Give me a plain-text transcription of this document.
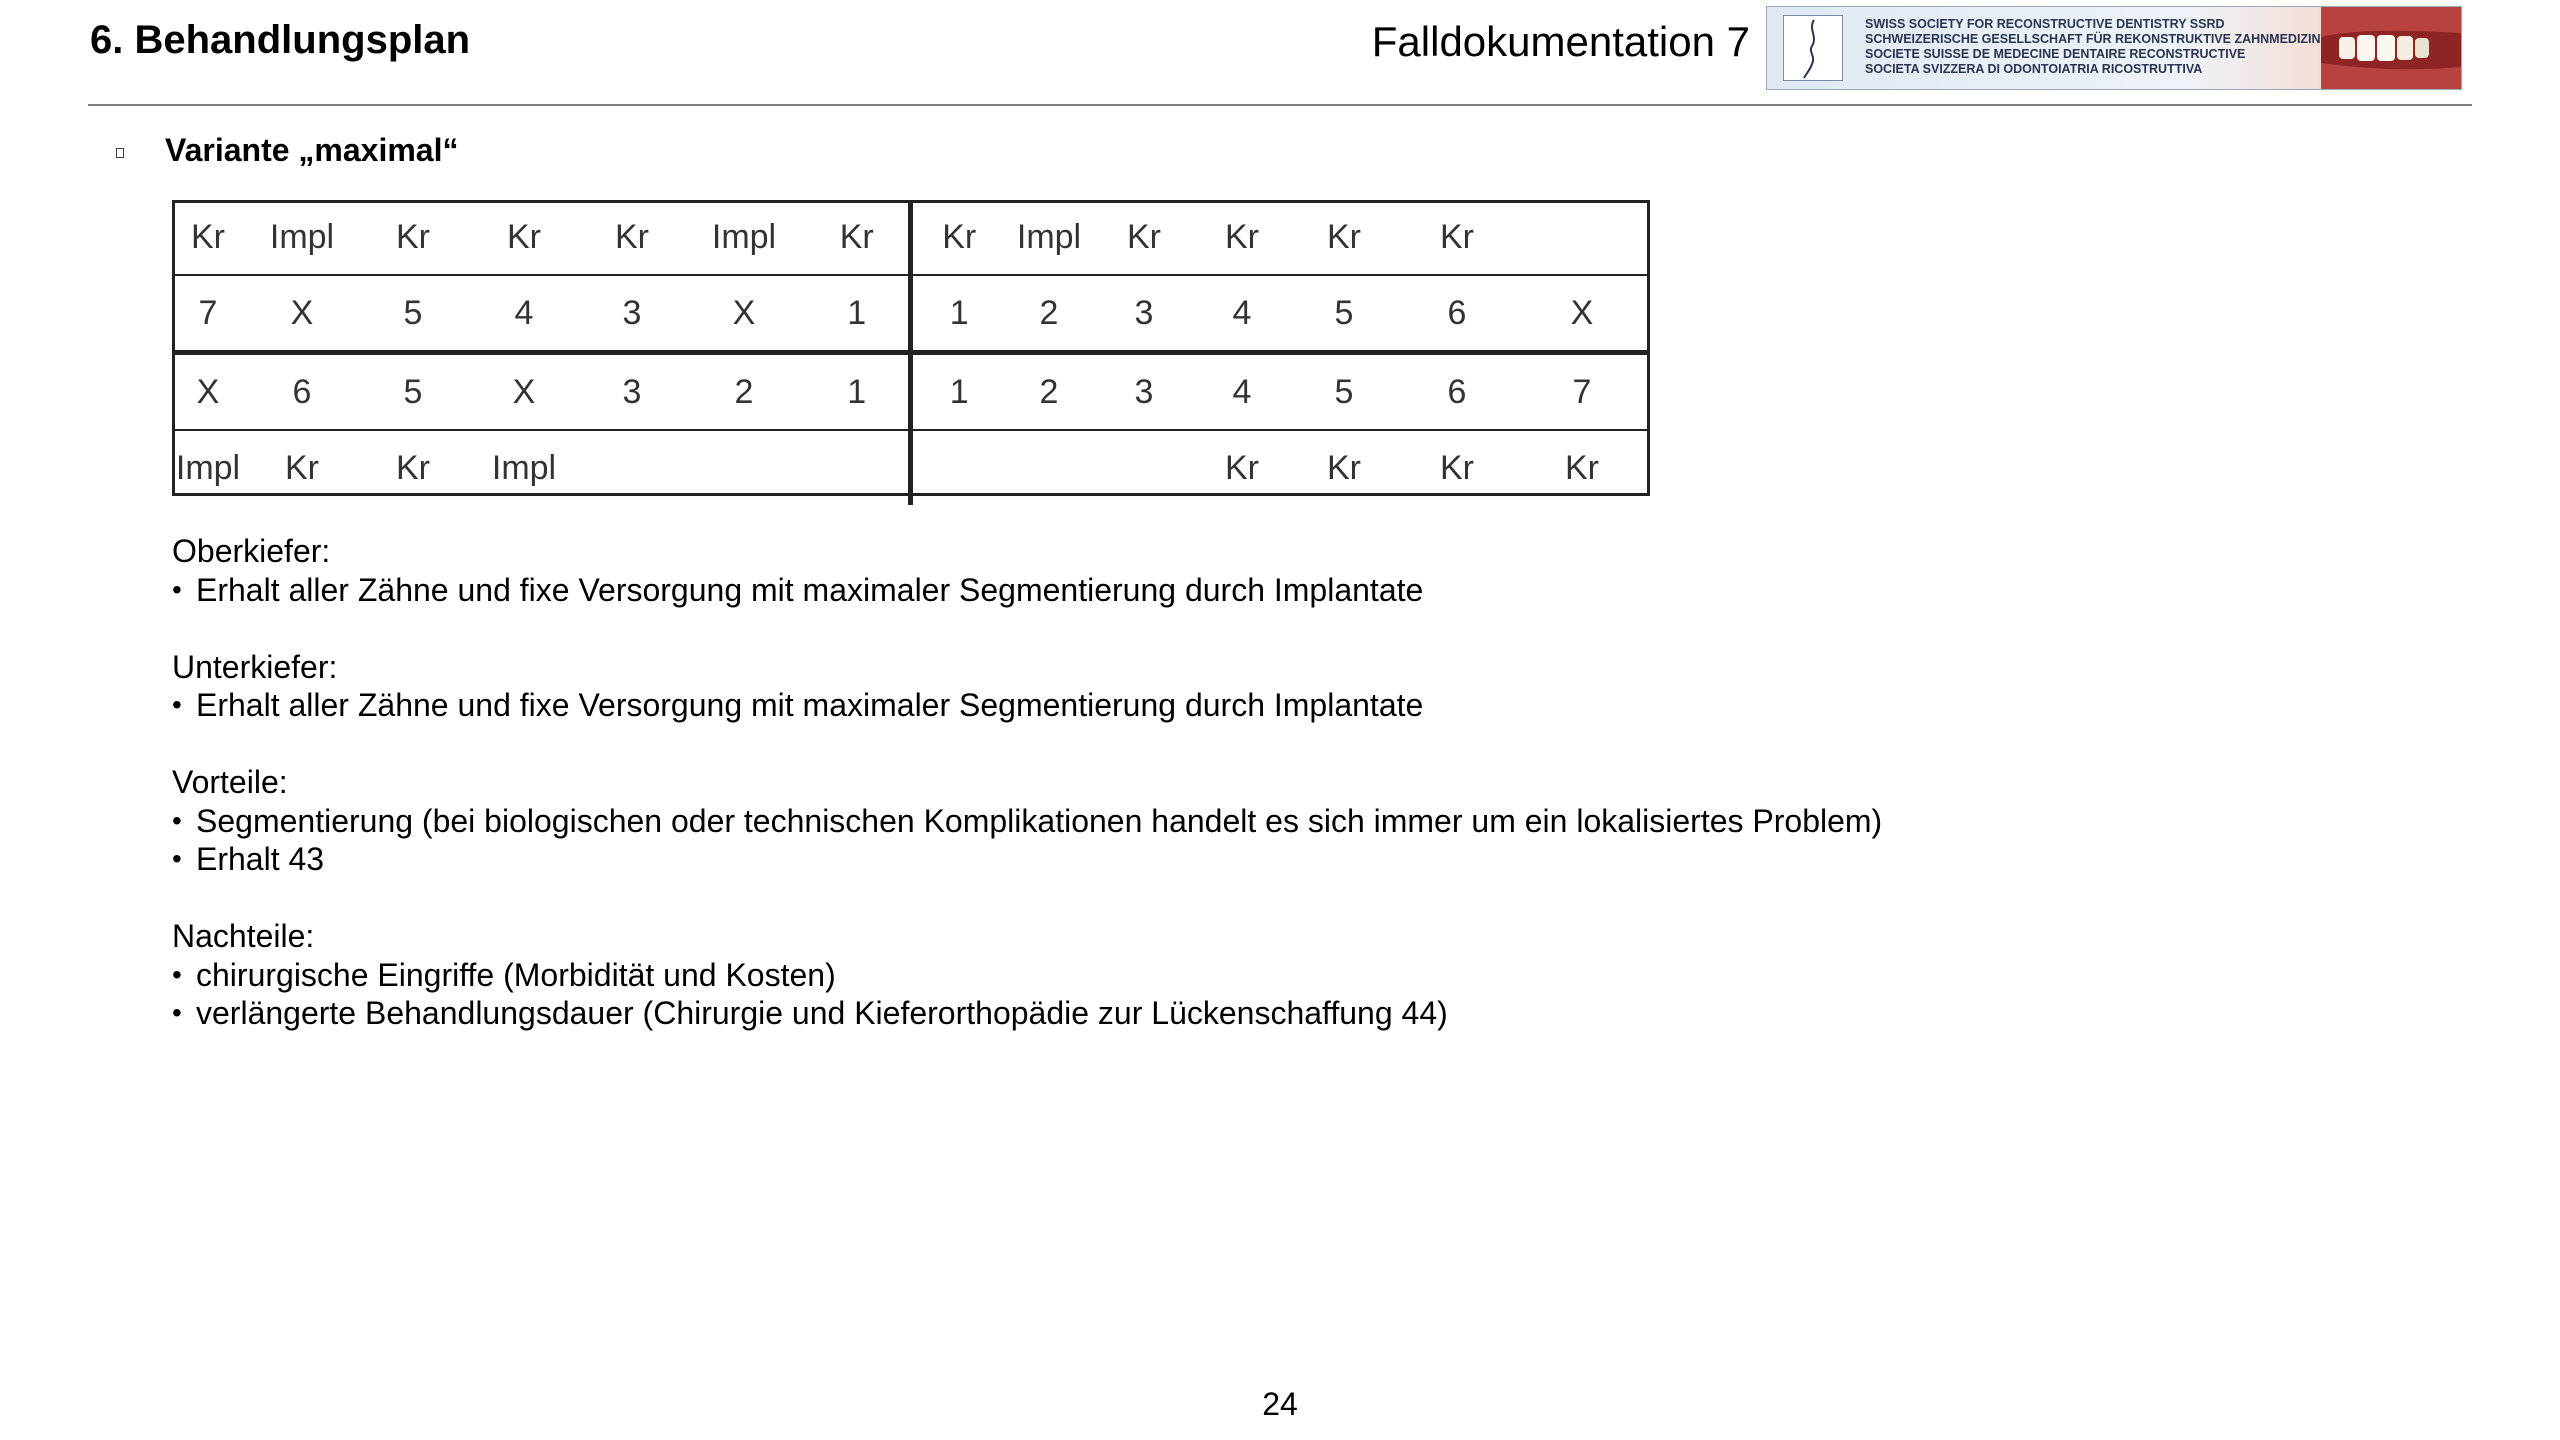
6. Behandlungsplan	Falldokumentation 7	SWISS SOCIETY FOR RECONSTRUCTIVE DENTISTRY SSRD
SCHWEIZERISCHE GESELLSCHAFT FÜR REKONSTRUKTIVE ZAHNMEDIZIN
SOCIETE SUISSE DE MEDECINE DENTAIRE RECONSTRUCTIVE
SOCIETA SVIZZERA DI ODONTOIATRIA RICOSTRUTTIVA
Variante „maximal“
Kr	Impl	Kr	Kr	Kr	Impl	Kr	Kr	Impl	Kr	Kr	Kr	Kr	
7	X	5	4	3	X	1	1	2	3	4	5	6	X
X	6	5	X	3	2	1	1	2	3	4	5	6	7
Impl	Kr	Kr	Impl							Kr	Kr	Kr	Kr
Oberkiefer:
• Erhalt aller Zähne und fixe Versorgung mit maximaler Segmentierung durch Implantate
Unterkiefer:
• Erhalt aller Zähne und fixe Versorgung mit maximaler Segmentierung durch Implantate
Vorteile:
• Segmentierung (bei biologischen oder technischen Komplikationen handelt es sich immer um ein lokalisiertes Problem)
• Erhalt 43
Nachteile:
• chirurgische Eingriffe (Morbidität und Kosten)
• verlängerte Behandlungsdauer (Chirurgie und Kieferorthopädie zur Lückenschaffung 44)
24
